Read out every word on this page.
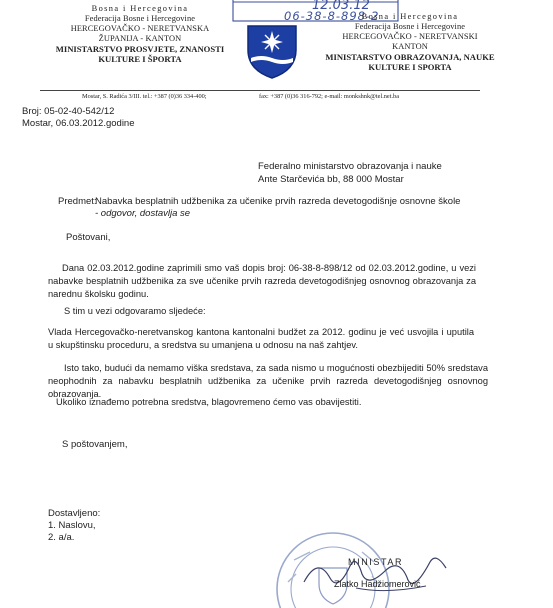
Bosna i Hercegovina
Federacija Bosne i Hercegovine
HERCEGOVAČKO - NERETVANSKA
ŽUPANIJA - KANTON
MINISTARSTVO PROSVJETE, ZNANOSTI
KULTURE I ŠPORTA
12.03.12
06-38-8-898-2
Bosna i Hercegovina
Federacija Bosne i Hercegovine
HERCEGOVAČKO - NERETVANSKI
KANTON
MINISTARSTVO OBRAZOVANJA, NAUKE
KULTURE I SPORTA
Mostar, S. Radića 3/III. tel.: +387 (0)36 334-400;	fax: +387 (0)36 316-792; e-mail: monkshnk@tel.net.ba
Broj: 05-02-40-542/12
Mostar, 06.03.2012.godine
Federalno ministarstvo obrazovanja i nauke
Ante Starčevića bb, 88 000 Mostar
Predmet:
Nabavka besplatnih udžbenika za učenike prvih razreda devetogodišnje osnovne škole
- odgovor, dostavlja se
Poštovani,
Dana 02.03.2012.godine zaprimili smo vaš dopis broj: 06-38-8-898/12 od 02.03.2012.godine, u vezi nabavke besplatnih udžbenika za sve učenike prvih razreda devetogodišnjeg osnovnog obrazovanja za narednu školsku godinu.
S tim u vezi odgovaramo sljedeće:
Vlada Hercegovačko-neretvanskog kantona kantonalni budžet za 2012. godinu je već usvojila i uputila u skupštinsku proceduru, a sredstva su umanjena u odnosu na naš zahtjev.
Isto tako, budući da nemamo viška sredstava, za sada nismo u mogućnosti obezbijediti 50% sredstava neophodnih za nabavku besplatnih udžbenika za učenike prvih razreda devetogodišnjeg osnovnog obrazovanja.
Ukoliko iznađemo potrebna sredstva, blagovremeno ćemo vas obavijestiti.
S poštovanjem,
Dostavljeno:
1. Naslovu,
2. a/a.
MINISTAR
Zlatko Hadžiomerović
